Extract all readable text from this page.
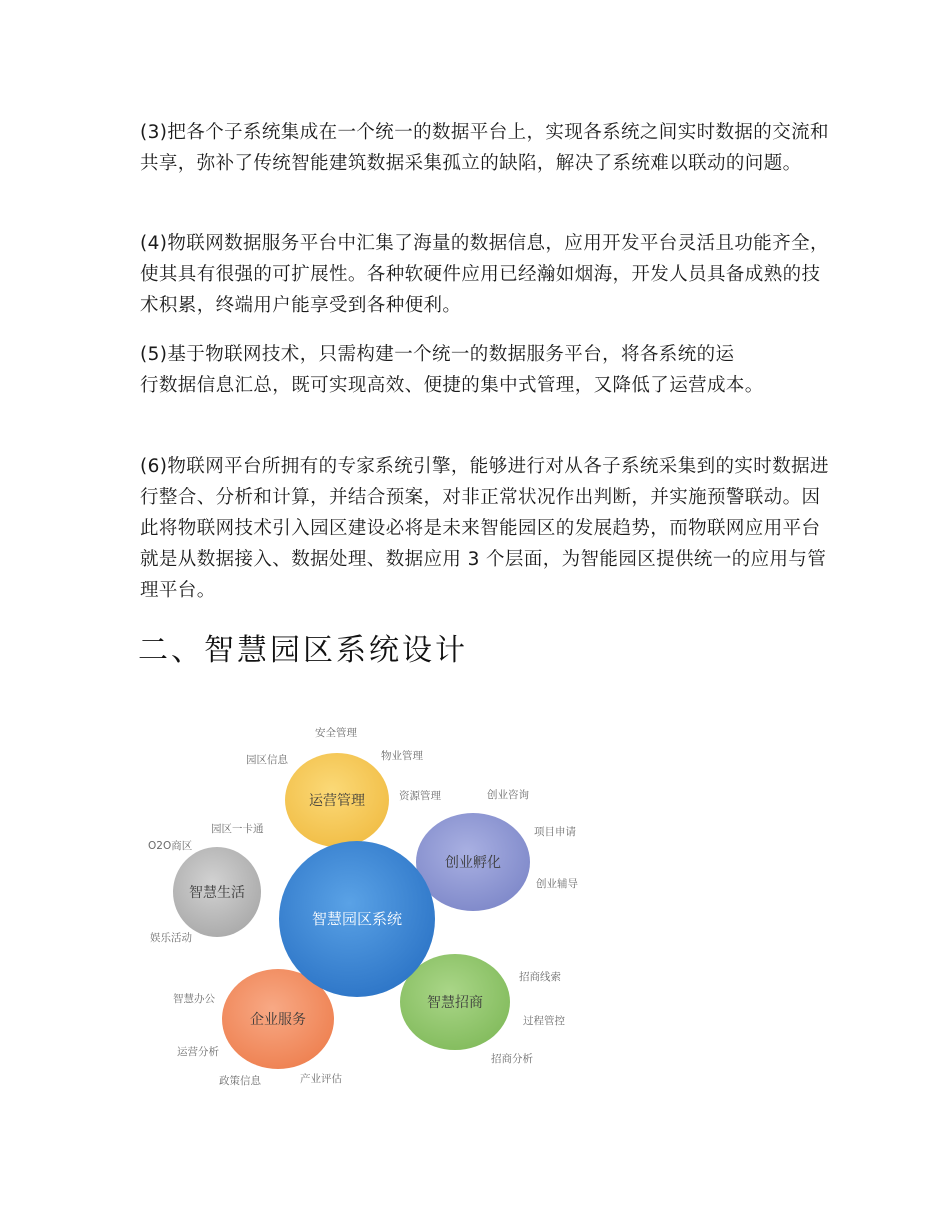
(3)把各个子系统集成在一个统一的数据平台上，实现各系统之间实时数据的交流和共享，弥补了传统智能建筑数据采集孤立的缺陷，解决了系统难以联动的问题。

(4)物联网数据服务平台中汇集了海量的数据信息，应用开发平台灵活且功能齐全，使其具有很强的可扩展性。各种软硬件应用已经瀚如烟海，开发人员具备成熟的技术积累，终端用户能享受到各种便利。

(5)基于物联网技术，只需构建一个统一的数据服务平台，将各系统的运
行数据信息汇总，既可实现高效、便捷的集中式管理，又降低了运营成本。

(6)物联网平台所拥有的专家系统引擎，能够进行对从各子系统采集到的实时数据进行整合、分析和计算，并结合预案，对非正常状况作出判断，并实施预警联动。因此将物联网技术引入园区建设必将是未来智能园区的发展趋势，而物联网应用平台就是从数据接入、数据处理、数据应用 3 个层面，为智能园区提供统一的应用与管理平台。

二、智慧园区系统设计
智慧园区系统
运营管理
创业孵化
智慧招商
企业服务
智慧生活
安全管理
物业管理
资源管理
园区信息
创业咨询
项目申请
创业辅导
招商线索
过程管控
招商分析
智慧办公
运营分析
政策信息	产业评估
园区一卡通
O2O商区
娱乐活动
